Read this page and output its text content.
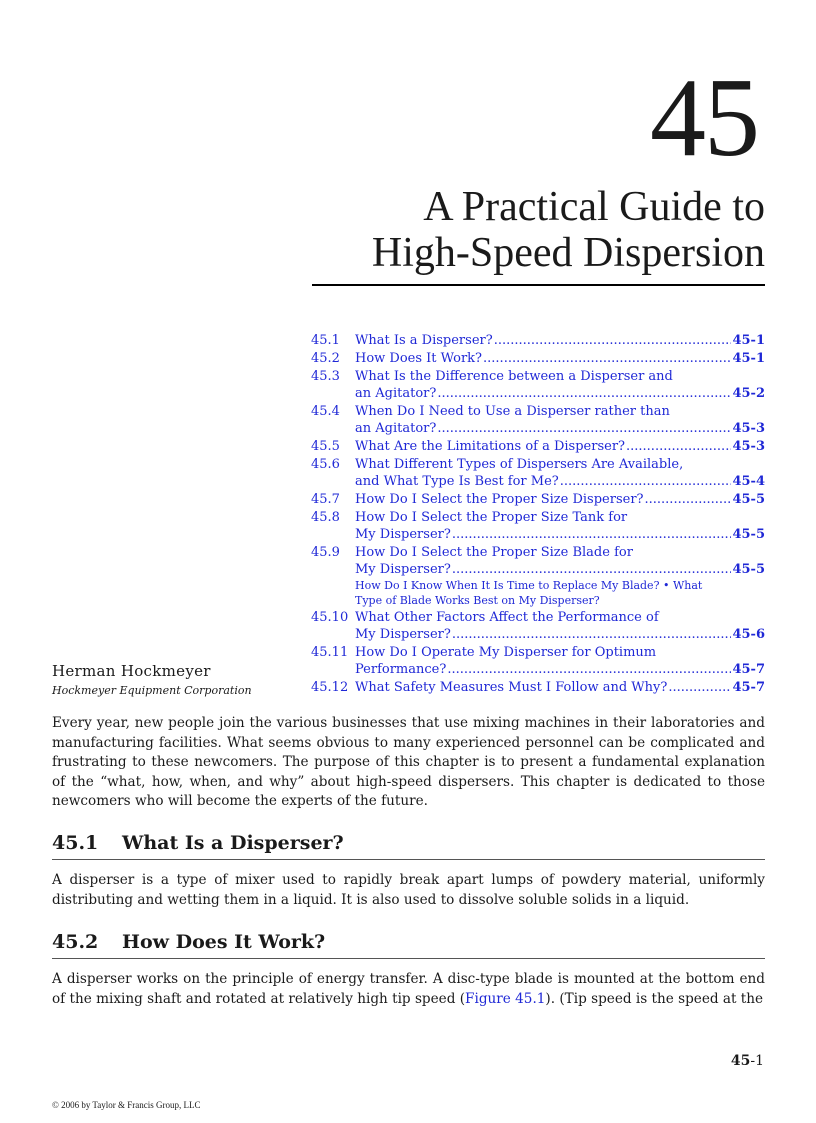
45
A Practical Guide to
High-Speed Dispersion
45.1	What Is a Disperser? .....	45-1
45.2	How Does It Work? .....	45-1
45.3	What Is the Difference between a Disperser and
an Agitator? .....	45-2
45.4	When Do I Need to Use a Disperser rather than
an Agitator? .....	45-3
45.5	What Are the Limitations of a Disperser? .....	45-3
45.6	What Different Types of Dispersers Are Available,
and What Type Is Best for Me? .....	45-4
45.7	How Do I Select the Proper Size Disperser? .....	45-5
45.8	How Do I Select the Proper Size Tank for
My Disperser? .....	45-5
45.9	How Do I Select the Proper Size Blade for
My Disperser? .....	45-5
How Do I Know When It Is Time to Replace My Blade? • What
Type of Blade Works Best on My Disperser?
45.10 What Other Factors Affect the Performance of
My Disperser? .....	45-6
45.11 How Do I Operate My Disperser for Optimum
Performance? .....	45-7
45.12 What Safety Measures Must I Follow and Why? .....	45-7
Herman Hockmeyer
Hockmeyer Equipment Corporation

Every year, new people join the various businesses that use mixing machines in their laboratories and manufacturing facilities. What seems obvious to many experienced personnel can be complicated and frustrating to these newcomers. The purpose of this chapter is to present a fundamental explanation of the “what, how, when, and why” about high-speed dispersers. This chapter is dedicated to those newcomers who will become the experts of the future.

45.1 What Is a Disperser?

A disperser is a type of mixer used to rapidly break apart lumps of powdery material, uniformly distributing and wetting them in a liquid. It is also used to dissolve soluble solids in a liquid.

45.2 How Does It Work?

A disperser works on the principle of energy transfer. A disc-type blade is mounted at the bottom end of the mixing shaft and rotated at relatively high tip speed (Figure 45.1). (Tip speed is the speed at the

45-1
© 2006 by Taylor & Francis Group, LLC
